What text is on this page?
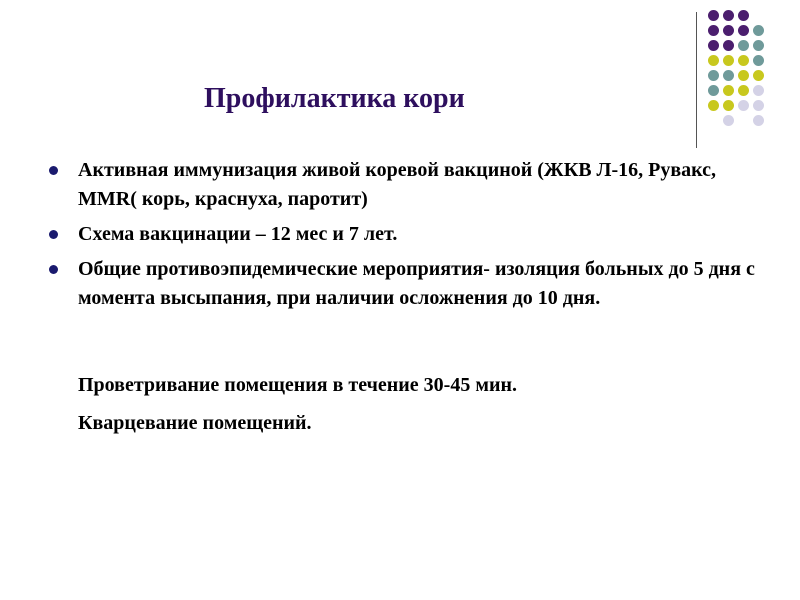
Профилактика кори
Активная иммунизация живой коревой вакциной (ЖКВ Л-16, Рувакс, MMR( корь, краснуха, паротит)
Схема вакцинации – 12 мес и 7 лет.
Общие противоэпидемические мероприятия- изоляция больных до 5 дня с момента высыпания, при наличии осложнения до 10 дня.
Проветривание помещения в течение 30-45 мин.
Кварцевание помещений.
